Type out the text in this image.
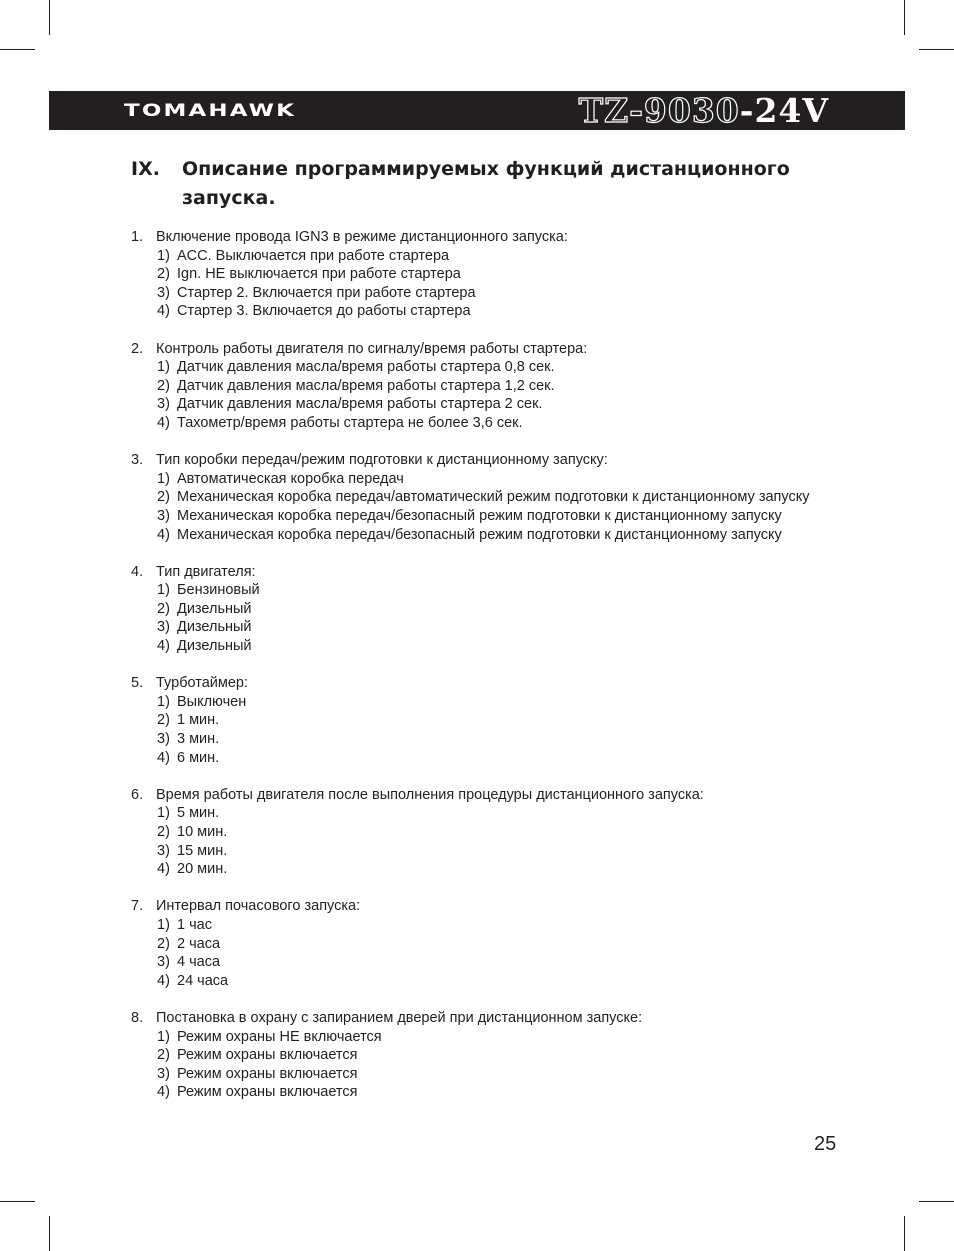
TOMAHAWK	TZ-9030-24V
IX. Описание программируемых функций дистанционного
запуска.
1. Включение провода IGN3 в режиме дистанционного запуска:
1) ACC. Выключается при работе стартера
2) Ign. НЕ выключается при работе стартера
3) Стартер 2. Включается при работе стартера
4) Стартер 3. Включается до работы стартера
2. Контроль работы двигателя по сигналу/время работы стартера:
1) Датчик давления масла/время работы стартера 0,8 сек.
2) Датчик давления масла/время работы стартера 1,2 сек.
3) Датчик давления масла/время работы стартера 2 сек.
4) Тахометр/время работы стартера не более 3,6 сек.
3. Тип коробки передач/режим подготовки к дистанционному запуску:
1) Автоматическая коробка передач
2) Механическая коробка передач/автоматический режим подготовки к дистанционному запуску
3) Механическая коробка передач/безопасный режим подготовки к дистанционному запуску
4) Механическая коробка передач/безопасный режим подготовки к дистанционному запуску
4. Тип двигателя:
1) Бензиновый
2) Дизельный
3) Дизельный
4) Дизельный
5. Турботаймер:
1) Выключен
2) 1 мин.
3) 3 мин.
4) 6 мин.
6. Время работы двигателя после выполнения процедуры дистанционного запуска:
1) 5 мин.
2) 10 мин.
3) 15 мин.
4) 20 мин.
7. Интервал почасового запуска:
1) 1 час
2) 2 часа
3) 4 часа
4) 24 часа
8. Постановка в охрану с запиранием дверей при дистанционном запуске:
1) Режим охраны НЕ включается
2) Режим охраны включается
3) Режим охраны включается
4) Режим охраны включается
25
